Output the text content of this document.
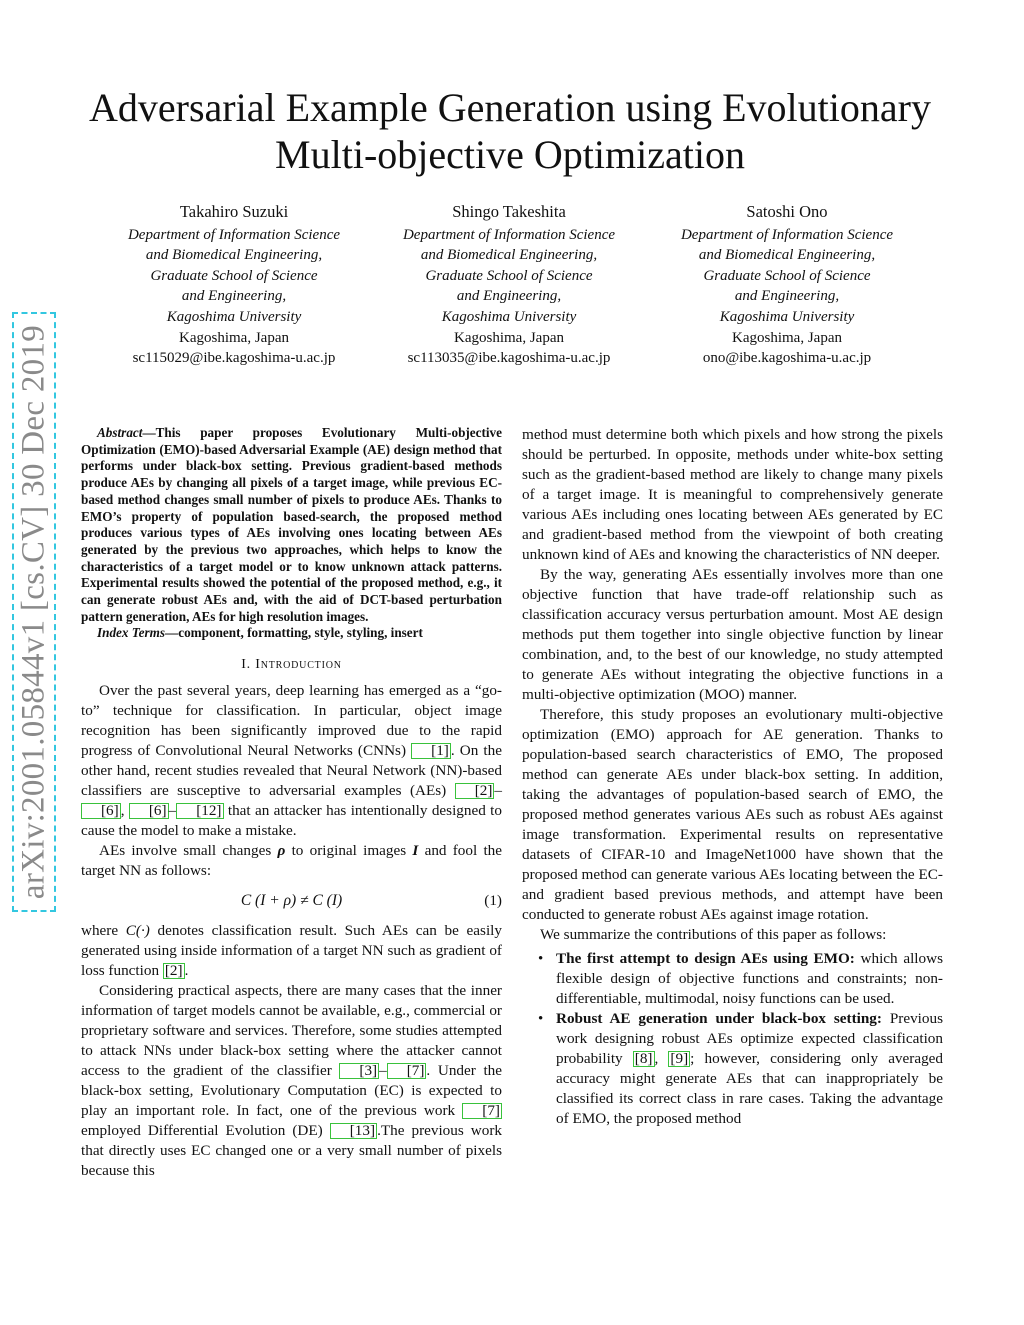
arXiv:2001.05844v1 [cs.CV] 30 Dec 2019
Adversarial Example Generation using Evolutionary
Multi-objective Optimization
Takahiro Suzuki
Department of Information Science
and Biomedical Engineering,
Graduate School of Science
and Engineering,
Kagoshima University
Kagoshima, Japan
sc115029@ibe.kagoshima-u.ac.jp
Shingo Takeshita
Department of Information Science
and Biomedical Engineering,
Graduate School of Science
and Engineering,
Kagoshima University
Kagoshima, Japan
sc113035@ibe.kagoshima-u.ac.jp
Satoshi Ono
Department of Information Science
and Biomedical Engineering,
Graduate School of Science
and Engineering,
Kagoshima University
Kagoshima, Japan
ono@ibe.kagoshima-u.ac.jp

Abstract—This paper proposes Evolutionary Multi-objective Optimization (EMO)-based Adversarial Example (AE) design method that performs under black-box setting. Previous gradient-based methods produce AEs by changing all pixels of a target image, while previous EC-based method changes small number of pixels to produce AEs. Thanks to EMO’s property of population based-search, the proposed method produces various types of AEs involving ones locating between AEs generated by the previous two approaches, which helps to know the characteristics of a target model or to know unknown attack patterns. Experimental results showed the potential of the proposed method, e.g., it can generate robust AEs and, with the aid of DCT-based perturbation pattern generation, AEs for high resolution images.

Index Terms—component, formatting, style, styling, insert

I. Introduction

Over the past several years, deep learning has emerged as a “go-to” technique for classification. In particular, object image recognition has been significantly improved due to the rapid progress of Convolutional Neural Networks (CNNs) [1] . On the other hand, recent studies revealed that Neural Network (NN)-based classifiers are susceptive to adversarial examples (AEs) [2] –[6] , [6] – [12] that an attacker has intentionally designed to cause the model to make a mistake.

AEs involve small changes ρ to original images I and fool the target NN as follows:

C (I + ρ) ≠ C (I)	(1)

where C(·) denotes classification result. Such AEs can be easily generated using inside information of a target NN such as gradient of loss function [2] .

Considering practical aspects, there are many cases that the inner information of target models cannot be available, e.g., commercial or proprietary software and services. Therefore, some studies attempted to attack NNs under black-box setting where the attacker cannot access to the gradient of the classifier [3] – [7] . Under the black-box setting, Evolutionary Computation (EC) is expected to play an important role. In fact, one of the previous work [7] employed Differential Evolution (DE) [13] .The previous work that directly uses EC changed one or a very small number of pixels because this

method must determine both which pixels and how strong the pixels should be perturbed. In opposite, methods under white-box setting such as the gradient-based method are likely to change many pixels of a target image. It is meaningful to comprehensively generate various AEs including ones locating between AEs generated by EC and gradient-based method from the viewpoint of both creating unknown kind of AEs and knowing the characteristics of NN deeper.

By the way, generating AEs essentially involves more than one objective function that have trade-off relationship such as classification accuracy versus perturbation amount. Most AE design methods put them together into single objective function by linear combination, and, to the best of our knowledge, no study attempted to generate AEs without integrating the objective functions in a multi-objective optimization (MOO) manner.

Therefore, this study proposes an evolutionary multi-objective optimization (EMO) approach for AE generation. Thanks to population-based search characteristics of EMO, The proposed method can generate AEs under black-box setting. In addition, taking the advantages of population-based search of EMO, the proposed method generates various AEs such as robust AEs against image transformation. Experimental results on representative datasets of CIFAR-10 and ImageNet1000 have shown that the proposed method can generate various AEs locating between the EC- and gradient based previous methods, and attempt have been conducted to generate robust AEs against image rotation.

We summarize the contributions of this paper as follows:

• The first attempt to design AEs using EMO: which allows flexible design of objective functions and constraints; non-differentiable, multimodal, noisy functions can be used.
• Robust AE generation under black-box setting: Previous work designing robust AEs optimize expected classification probability [8] , [9] ; however, considering only averaged accuracy might generate AEs that can inappropriately be classified its correct class in rare cases. Taking the advantage of EMO, the proposed method
